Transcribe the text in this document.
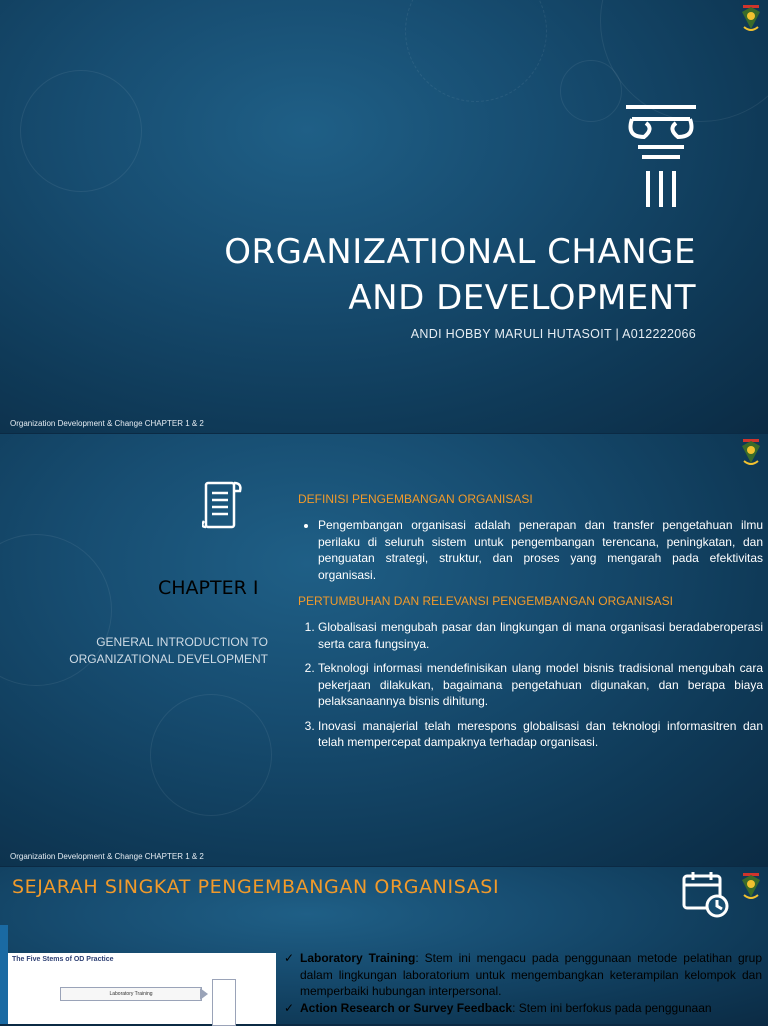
ORGANIZATIONAL CHANGE
AND DEVELOPMENT
ANDI HOBBY MARULI HUTASOIT | A012222066
Organization Development & Change CHAPTER 1 & 2
CHAPTER I
GENERAL INTRODUCTION TO ORGANIZATIONAL DEVELOPMENT
DEFINISI PENGEMBANGAN ORGANISASI
• Pengembangan organisasi adalah penerapan dan transfer pengetahuan ilmu perilaku di seluruh sistem untuk pengembangan terencana, peningkatan, dan penguatan strategi, struktur, dan proses yang mengarah pada efektivitas organisasi.
PERTUMBUHAN DAN RELEVANSI PENGEMBANGAN ORGANISASI
1. Globalisasi mengubah pasar dan lingkungan di mana organisasi beradaberoperasi serta cara fungsinya.
2. Teknologi informasi mendefinisikan ulang model bisnis tradisional mengubah cara pekerjaan dilakukan, bagaimana pengetahuan digunakan, dan berapa biaya pelaksanaannya bisnis dihitung.
3. Inovasi manajerial telah merespons globalisasi dan teknologi informasitren dan telah mempercepat dampaknya terhadap organisasi.
Organization Development & Change CHAPTER 1 & 2
SEJARAH SINGKAT PENGEMBANGAN ORGANISASI
The Five Stems of OD Practice
Laboratory Training
✓ Laboratory Training: Stem ini mengacu pada penggunaan metode pelatihan grup dalam lingkungan laboratorium untuk mengembangkan keterampilan kelompok dan memperbaiki hubungan interpersonal.
✓ Action Research or Survey Feedback: Stem ini berfokus pada penggunaan
